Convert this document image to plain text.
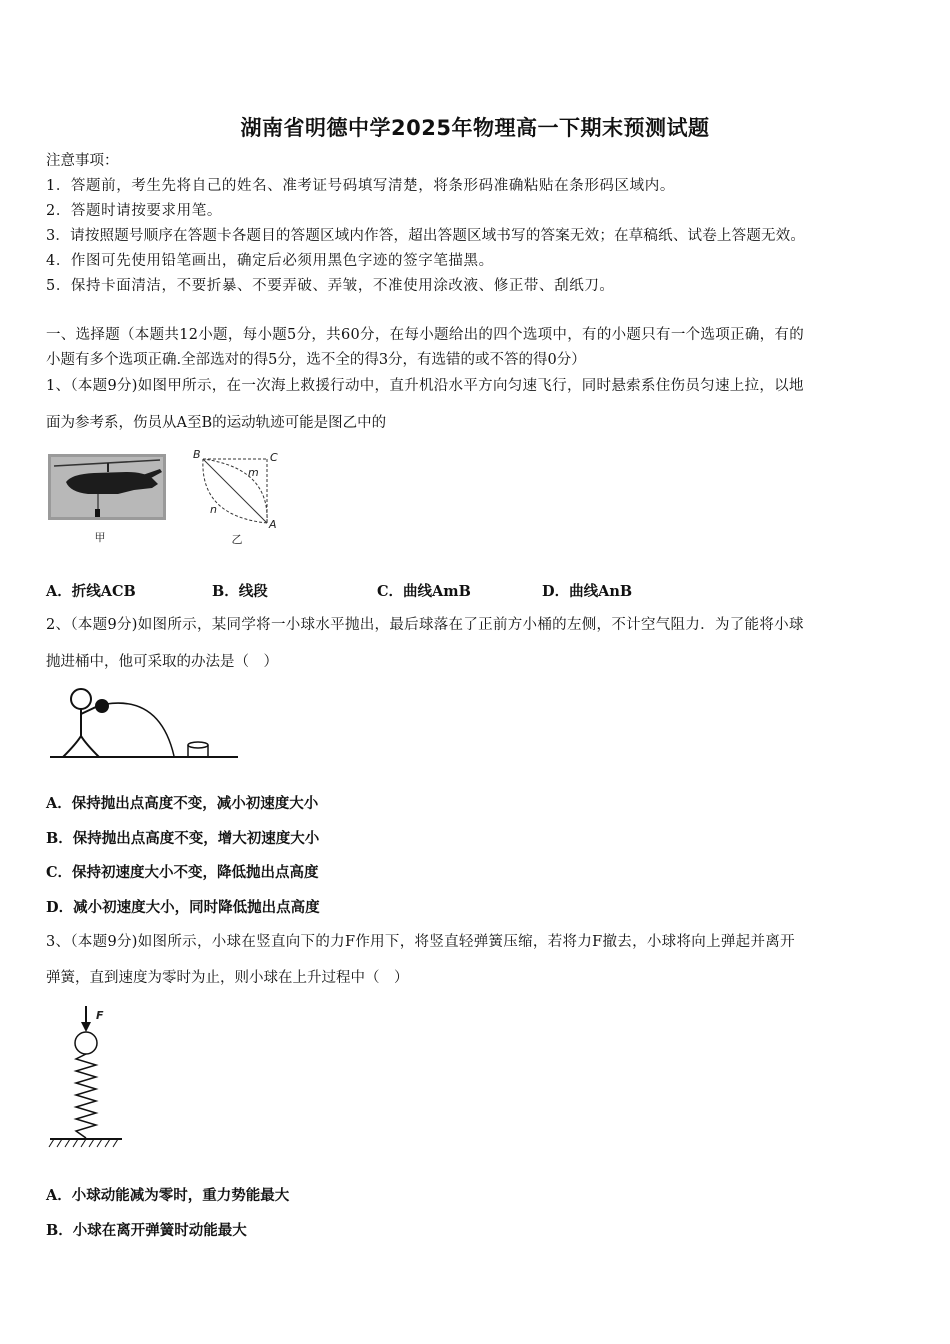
湖南省明德中学2025年物理高一下期末预测试题
注意事项：
1．答题前，考生先将自己的姓名、准考证号码填写清楚，将条形码准确粘贴在条形码区域内。
2．答题时请按要求用笔。
3．请按照题号顺序在答题卡各题目的答题区域内作答，超出答题区域书写的答案无效；在草稿纸、试卷上答题无效。
4．作图可先使用铅笔画出，确定后必须用黑色字迹的签字笔描黑。
5．保持卡面清洁，不要折暴、不要弄破、弄皱，不准使用涂改液、修正带、刮纸刀。
一、选择题（本题共12小题，每小题5分，共60分，在每小题给出的四个选项中，有的小题只有一个选项正确，有的
小题有多个选项正确.全部选对的得5分，选不全的得3分，有选错的或不答的得0分）
1、（本题9分)如图甲所示，在一次海上救援行动中，直升机沿水平方向匀速飞行，同时悬索系住伤员匀速上拉，以地
面为参考系，伤员从A至B的运动轨迹可能是图乙中的
甲
B	C
A
m
n
乙
A．折线ACB	B．线段	C．曲线AmB	D．曲线AnB
2、（本题9分)如图所示，某同学将一小球水平抛出，最后球落在了正前方小桶的左侧，不计空气阻力．为了能将小球
抛进桶中，他可采取的办法是（　）
A．保持抛出点高度不变，减小初速度大小
B．保持抛出点高度不变，增大初速度大小
C．保持初速度大小不变，降低抛出点高度
D．减小初速度大小，同时降低抛出点高度
3、（本题9分)如图所示，小球在竖直向下的力F作用下，将竖直轻弹簧压缩，若将力F撤去，小球将向上弹起并离开
弹簧，直到速度为零时为止，则小球在上升过程中（　）
F
A．小球动能减为零时，重力势能最大
B．小球在离开弹簧时动能最大
